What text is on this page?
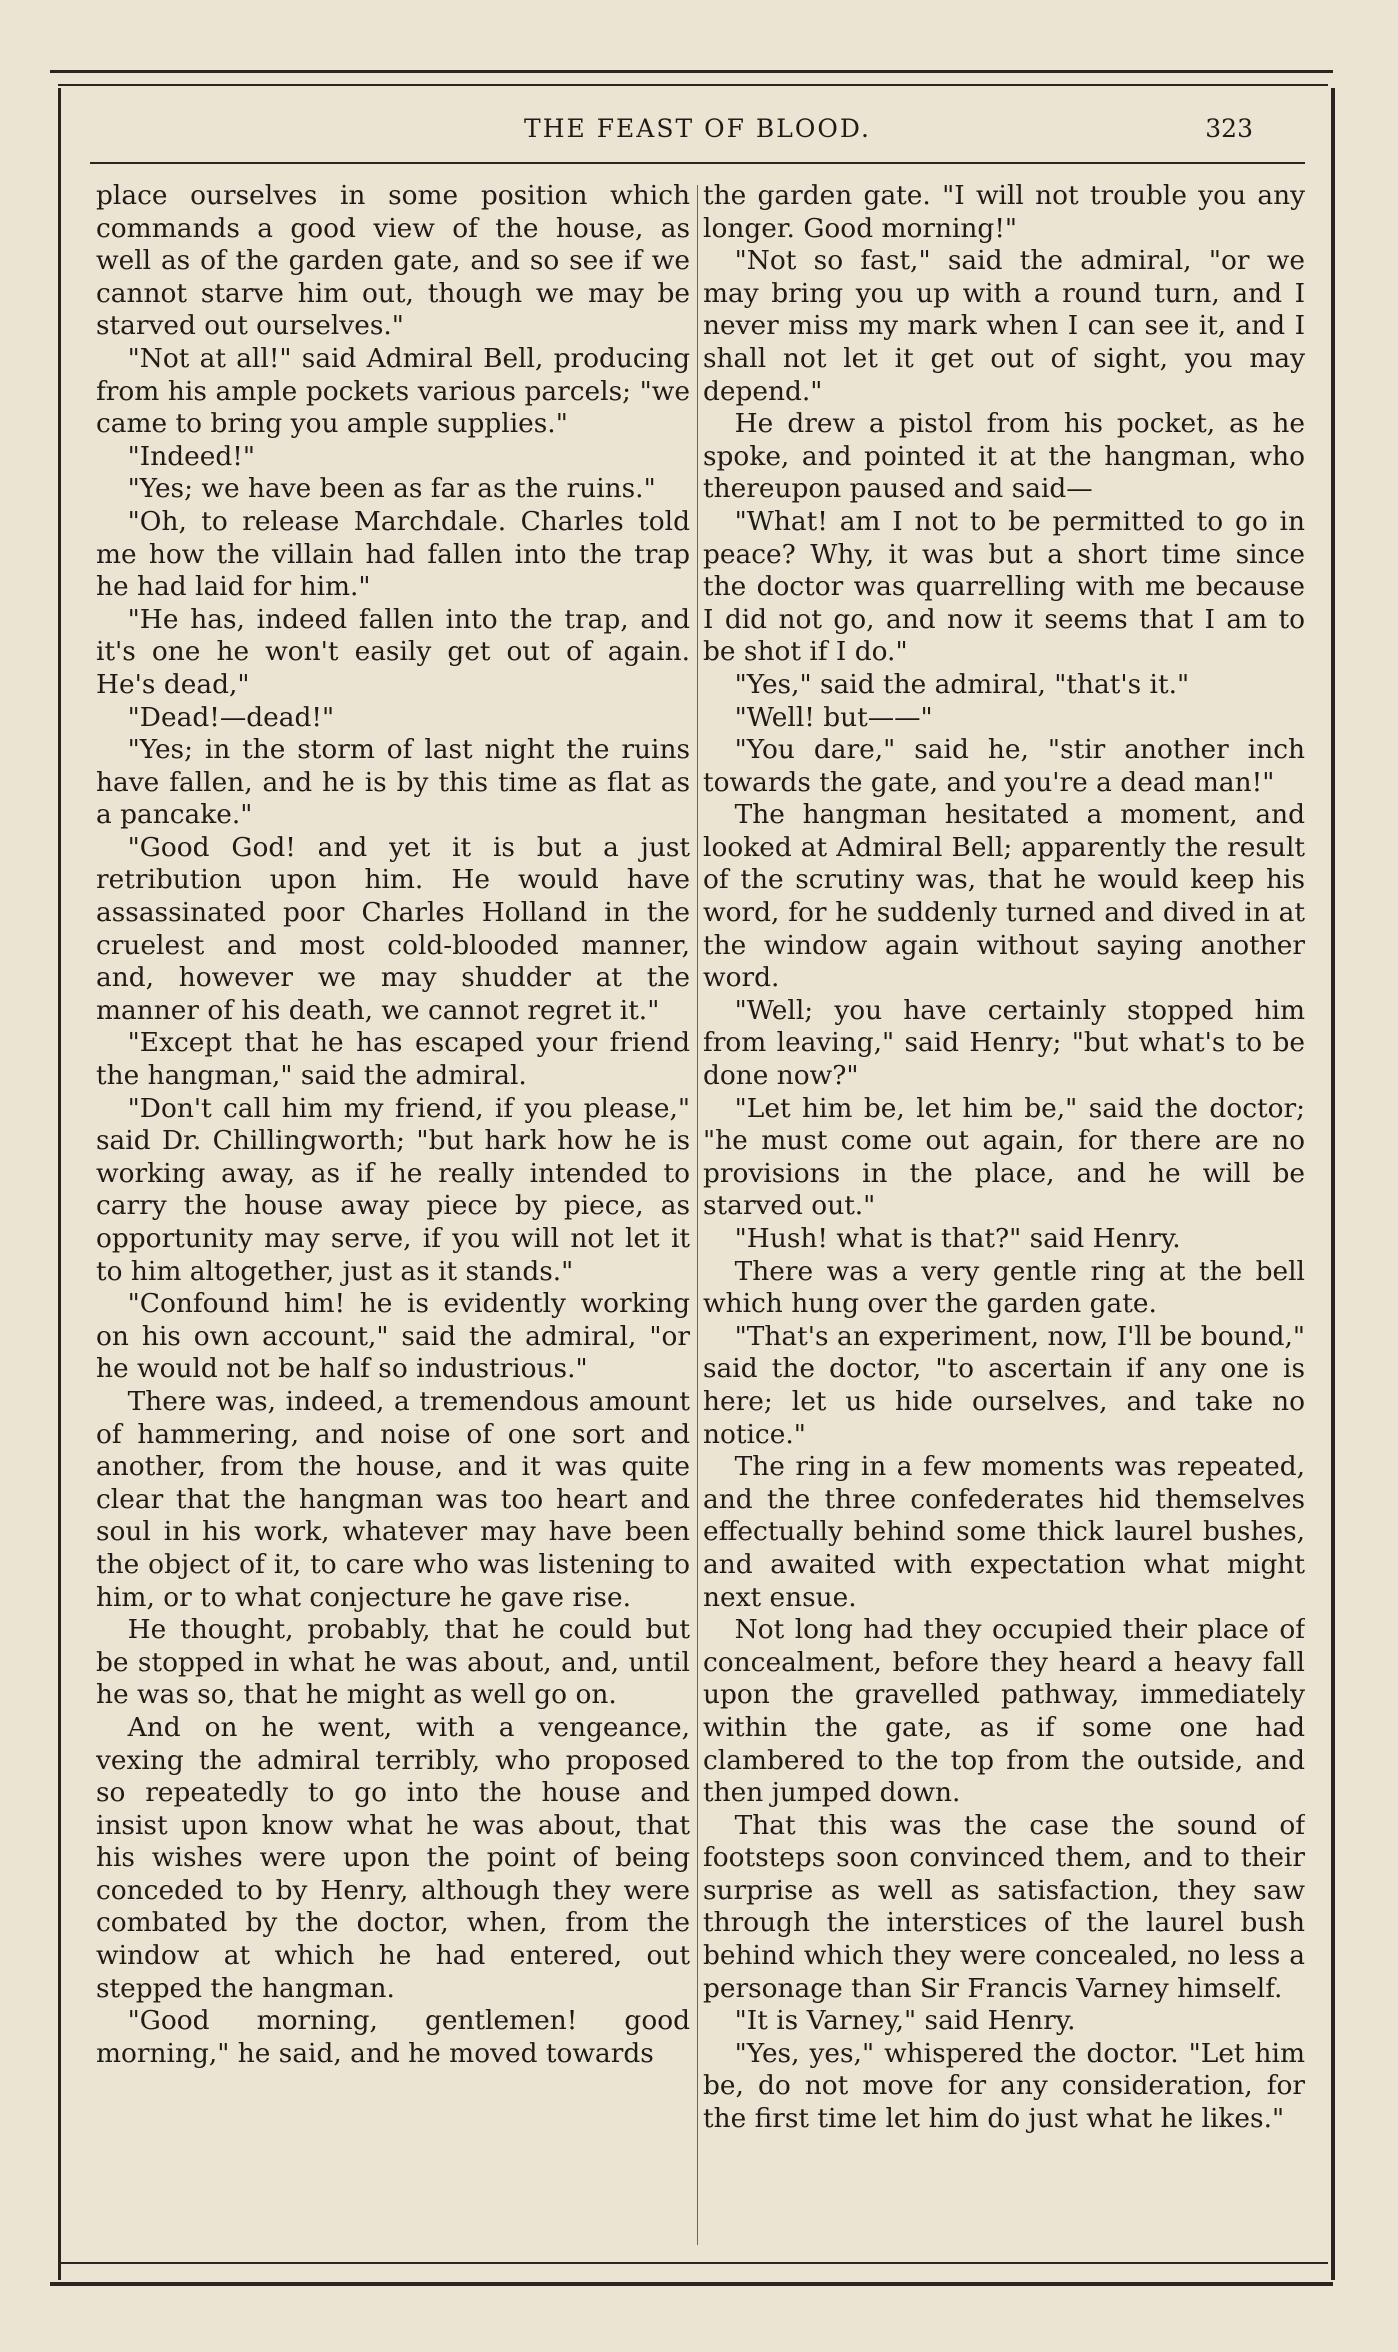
THE FEAST OF BLOOD.	323

place ourselves in some position which commands a good view of the house, as well as of the garden gate, and so see if we cannot starve him out, though we may be starved out ourselves."

"Not at all!" said Admiral Bell, producing from his ample pockets various parcels; "we came to bring you ample supplies."

"Indeed!"

"Yes; we have been as far as the ruins."

"Oh, to release Marchdale. Charles told me how the villain had fallen into the trap he had laid for him."

"He has, indeed fallen into the trap, and it's one he won't easily get out of again. He's dead,"

"Dead!—dead!"

"Yes; in the storm of last night the ruins have fallen, and he is by this time as flat as a pancake."

"Good God! and yet it is but a just retribution upon him. He would have assassinated poor Charles Holland in the cruelest and most cold-blooded manner, and, however we may shudder at the manner of his death, we cannot regret it."

"Except that he has escaped your friend the hangman," said the admiral.

"Don't call him my friend, if you please," said Dr. Chillingworth; "but hark how he is working away, as if he really intended to carry the house away piece by piece, as opportunity may serve, if you will not let it to him altogether, just as it stands."

"Confound him! he is evidently working on his own account," said the admiral, "or he would not be half so industrious."

There was, indeed, a tremendous amount of hammering, and noise of one sort and another, from the house, and it was quite clear that the hangman was too heart and soul in his work, whatever may have been the object of it, to care who was listening to him, or to what conjecture he gave rise.

He thought, probably, that he could but be stopped in what he was about, and, until he was so, that he might as well go on.

And on he went, with a vengeance, vexing the admiral terribly, who proposed so repeatedly to go into the house and insist upon know what he was about, that his wishes were upon the point of being conceded to by Henry, although they were combated by the doctor, when, from the window at which he had entered, out stepped the hangman.

"Good morning, gentlemen! good morning," he said, and he moved towards

the garden gate. "I will not trouble you any longer. Good morning!"

"Not so fast," said the admiral, "or we may bring you up with a round turn, and I never miss my mark when I can see it, and I shall not let it get out of sight, you may depend."

He drew a pistol from his pocket, as he spoke, and pointed it at the hangman, who thereupon paused and said—

"What! am I not to be permitted to go in peace? Why, it was but a short time since the doctor was quarrelling with me because I did not go, and now it seems that I am to be shot if I do."

"Yes," said the admiral, "that's it."

"Well! but——"

"You dare," said he, "stir another inch towards the gate, and you're a dead man!"

The hangman hesitated a moment, and looked at Admiral Bell; apparently the result of the scrutiny was, that he would keep his word, for he suddenly turned and dived in at the window again without saying another word.

"Well; you have certainly stopped him from leaving," said Henry; "but what's to be done now?"

"Let him be, let him be," said the doctor; "he must come out again, for there are no provisions in the place, and he will be starved out."

"Hush! what is that?" said Henry.

There was a very gentle ring at the bell which hung over the garden gate.

"That's an experiment, now, I'll be bound," said the doctor, "to ascertain if any one is here; let us hide ourselves, and take no notice."

The ring in a few moments was repeated, and the three confederates hid themselves effectually behind some thick laurel bushes, and awaited with expectation what might next ensue.

Not long had they occupied their place of concealment, before they heard a heavy fall upon the gravelled pathway, immediately within the gate, as if some one had clambered to the top from the outside, and then jumped down.

That this was the case the sound of footsteps soon convinced them, and to their surprise as well as satisfaction, they saw through the interstices of the laurel bush behind which they were concealed, no less a personage than Sir Francis Varney himself.

"It is Varney," said Henry.

"Yes, yes," whispered the doctor. "Let him be, do not move for any consideration, for the first time let him do just what he likes."
